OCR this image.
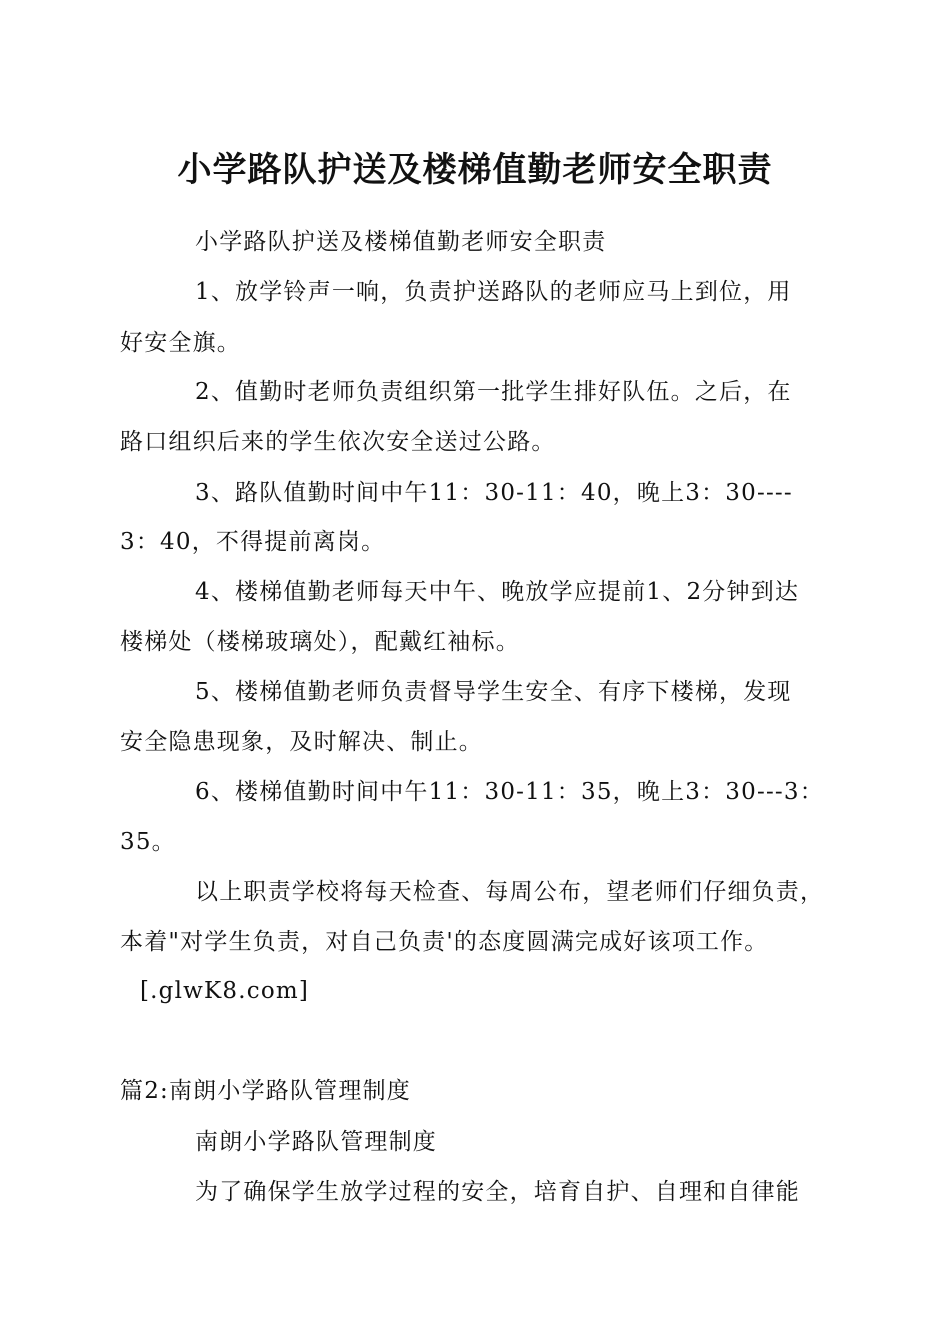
小学路队护送及楼梯值勤老师安全职责
小学路队护送及楼梯值勤老师安全职责
1、放学铃声一响，负责护送路队的老师应马上到位，用
好安全旗。
2、值勤时老师负责组织第一批学生排好队伍。之后，在
路口组织后来的学生依次安全送过公路。
3、路队值勤时间中午11：30-11：40，晚上3：30----
3：40，不得提前离岗。
4、楼梯值勤老师每天中午、晚放学应提前1、2分钟到达
楼梯处（楼梯玻璃处），配戴红袖标。
5、楼梯值勤老师负责督导学生安全、有序下楼梯，发现
安全隐患现象，及时解决、制止。
6、楼梯值勤时间中午11：30-11：35，晚上3：30---3：
35。
以上职责学校将每天检查、每周公布，望老师们仔细负责，
本着"对学生负责，对自己负责'的态度圆满完成好该项工作。
[.glwK8.com]
篇2:南朗小学路队管理制度
南朗小学路队管理制度
为了确保学生放学过程的安全，培育自护、自理和自律能
